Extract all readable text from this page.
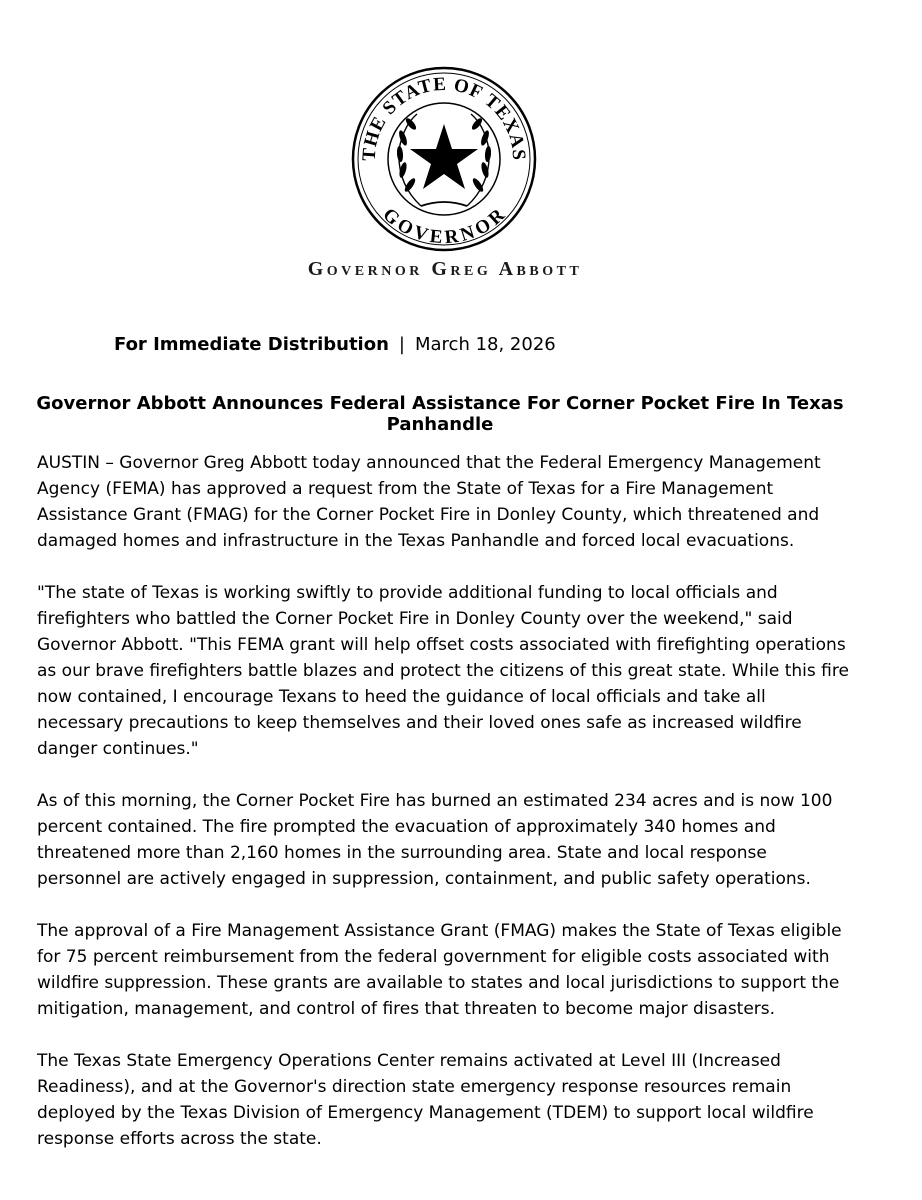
THE STATE OF TEXAS
GOVERNOR
Governor Greg Abbott
For Immediate Distribution | March 18, 2026
Governor Abbott Announces Federal Assistance For Corner Pocket Fire In Texas Panhandle

AUSTIN – Governor Greg Abbott today announced that the Federal Emergency Management Agency (FEMA) has approved a request from the State of Texas for a Fire Management Assistance Grant (FMAG) for the Corner Pocket Fire in Donley County, which threatened and damaged homes and infrastructure in the Texas Panhandle and forced local evacuations.

"The state of Texas is working swiftly to provide additional funding to local officials and firefighters who battled the Corner Pocket Fire in Donley County over the weekend," said Governor Abbott. "This FEMA grant will help offset costs associated with firefighting operations as our brave firefighters battle blazes and protect the citizens of this great state. While this fire now contained, I encourage Texans to heed the guidance of local officials and take all necessary precautions to keep themselves and their loved ones safe as increased wildfire danger continues."

As of this morning, the Corner Pocket Fire has burned an estimated 234 acres and is now 100 percent contained. The fire prompted the evacuation of approximately 340 homes and threatened more than 2,160 homes in the surrounding area. State and local response personnel are actively engaged in suppression, containment, and public safety operations.

The approval of a Fire Management Assistance Grant (FMAG) makes the State of Texas eligible for 75 percent reimbursement from the federal government for eligible costs associated with wildfire suppression. These grants are available to states and local jurisdictions to support the mitigation, management, and control of fires that threaten to become major disasters.

The Texas State Emergency Operations Center remains activated at Level III (Increased Readiness), and at the Governor's direction state emergency response resources remain deployed by the Texas Division of Emergency Management (TDEM) to support local wildfire response efforts across the state.
